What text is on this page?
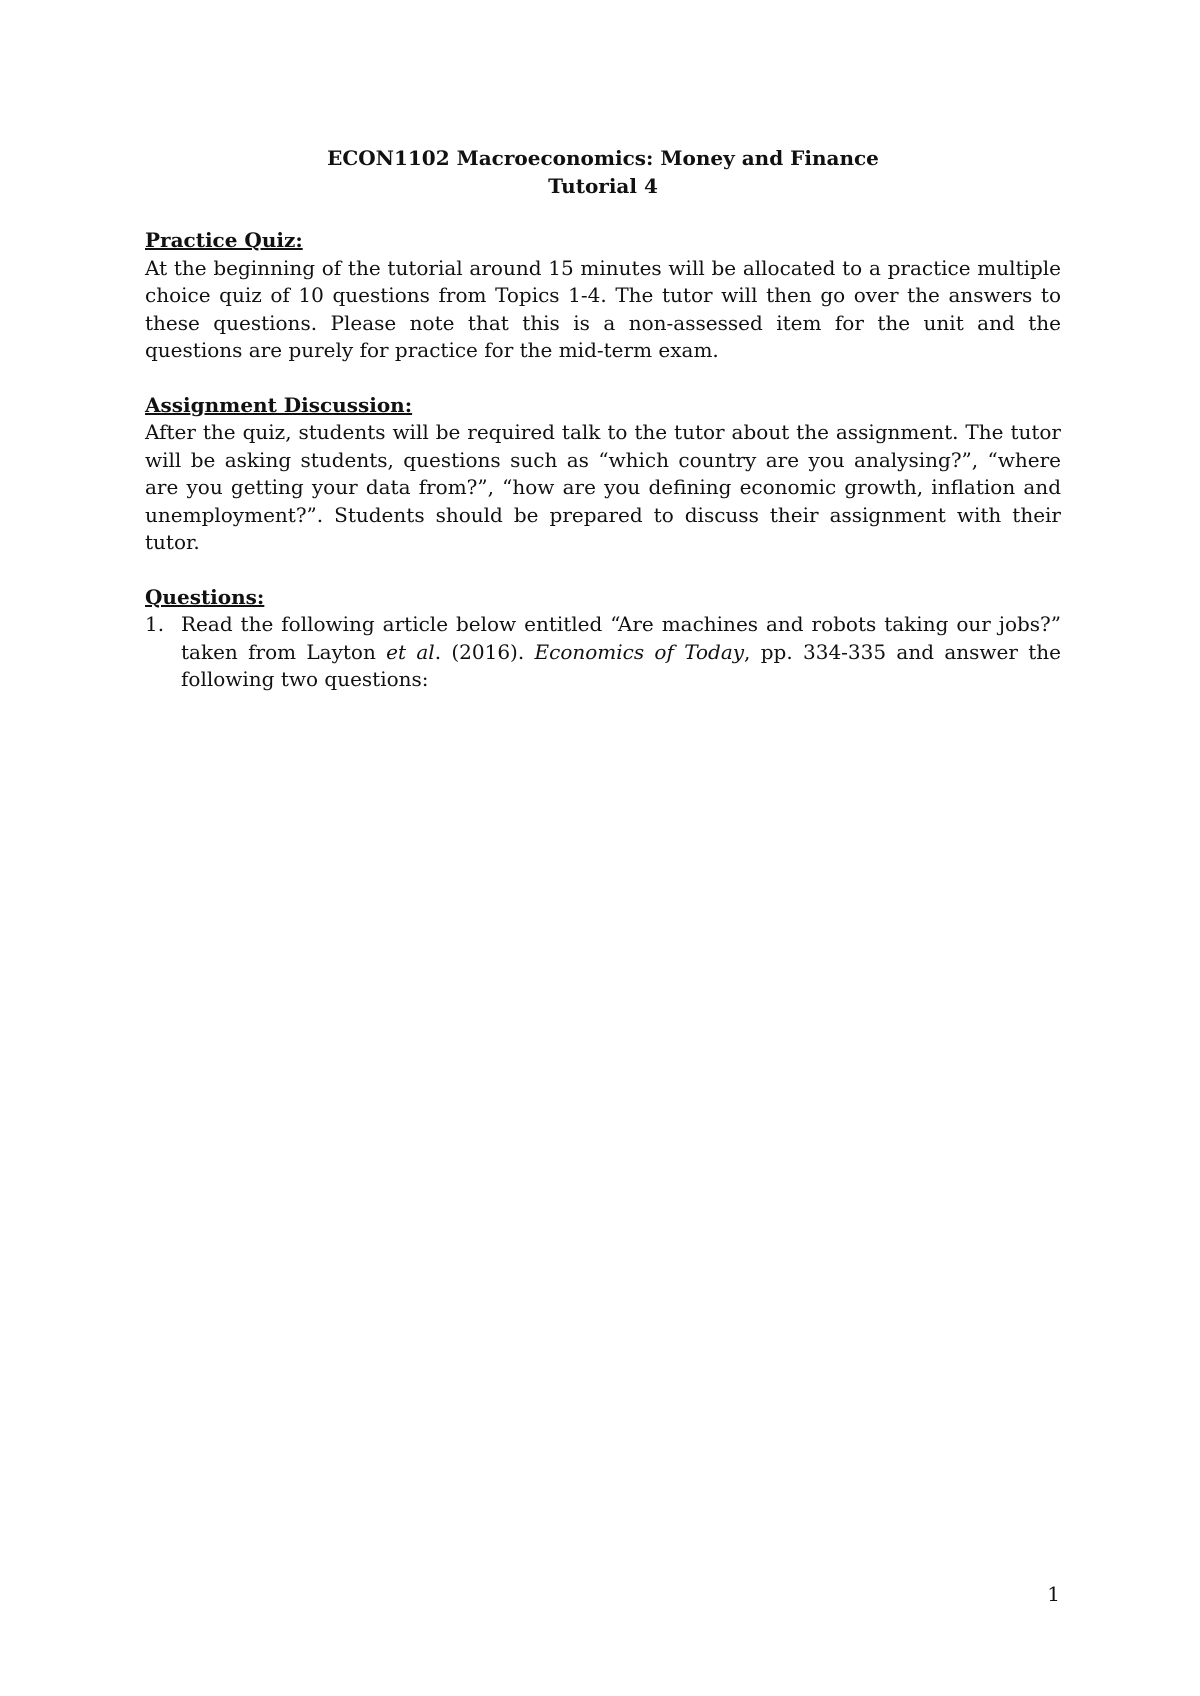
ECON1102 Macroeconomics: Money and Finance

Tutorial 4

Practice Quiz:

At the beginning of the tutorial around 15 minutes will be allocated to a practice multiple choice quiz of 10 questions from Topics 1-4. The tutor will then go over the answers to these questions. Please note that this is a non-assessed item for the unit and the questions are purely for practice for the mid-term exam.

Assignment Discussion:

After the quiz, students will be required talk to the tutor about the assignment. The tutor will be asking students, questions such as “which country are you analysing?”, “where are you getting your data from?”, “how are you defining economic growth, inflation and unemployment?”. Students should be prepared to discuss their assignment with their tutor.

Questions:

1. Read the following article below entitled “Are machines and robots taking our jobs?” taken from Layton et al. (2016). Economics of Today, pp. 334-335 and answer the following two questions:
1
